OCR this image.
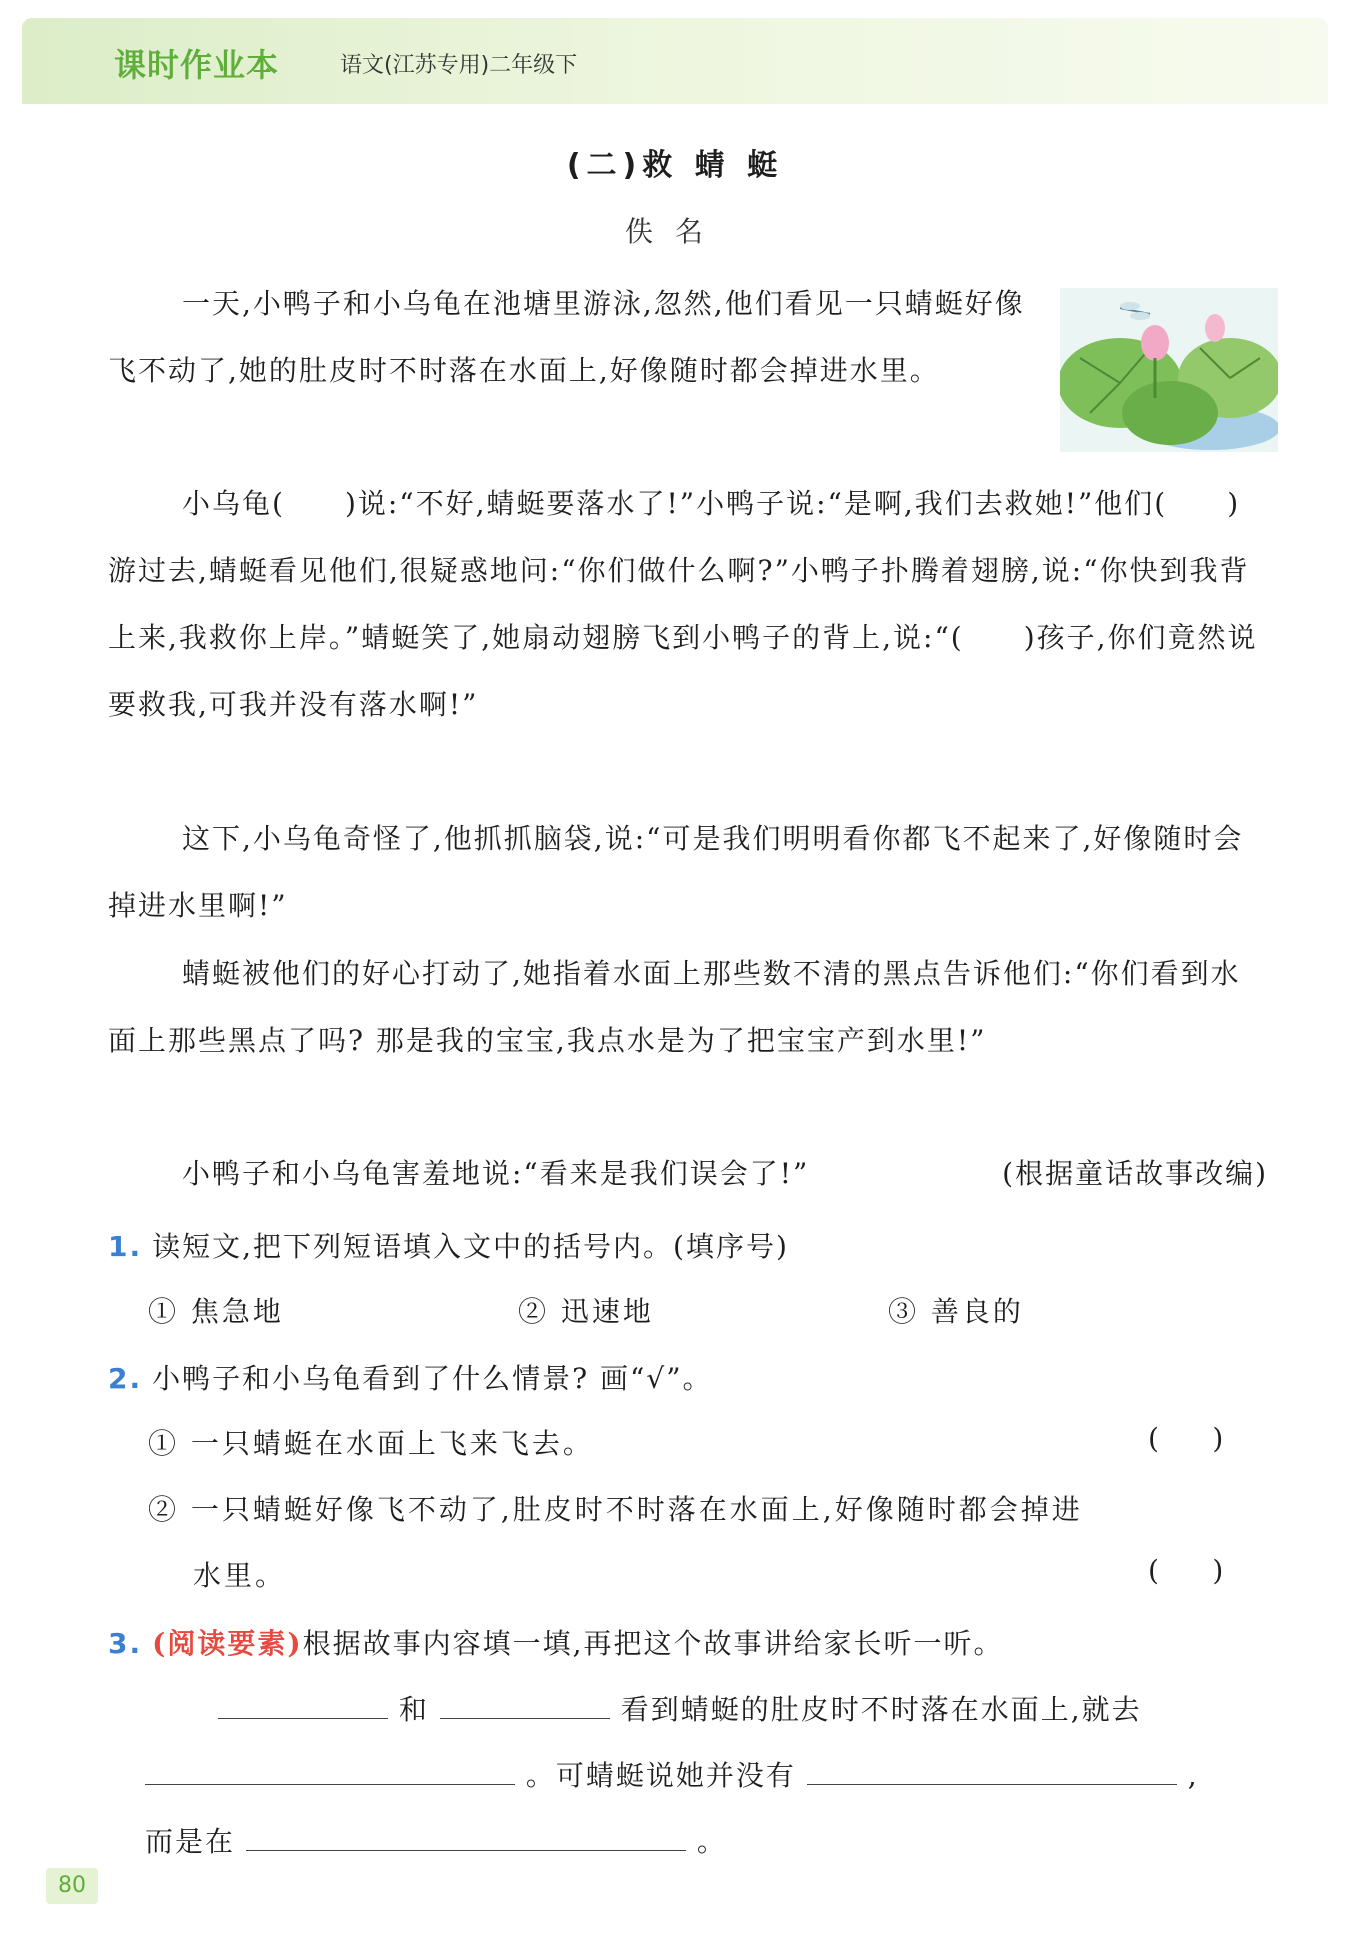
课时作业本	语文(江苏专用)二年级下
(二)救 蜻 蜓
佚名

一天,小鸭子和小乌龟在池塘里游泳,忽然,他们看见一只蜻蜓好像飞不动了,她的肚皮时不时落在水面上,好像随时都会掉进水里。

小乌龟( )说:“不好,蜻蜓要落水了!”小鸭子说:“是啊,我们去救她!”他们( )游过去,蜻蜓看见他们,很疑惑地问:“你们做什么啊?”小鸭子扑腾着翅膀,说:“你快到我背上来,我救你上岸。”蜻蜓笑了,她扇动翅膀飞到小鸭子的背上,说:“( )孩子,你们竟然说要救我,可我并没有落水啊!”

这下,小乌龟奇怪了,他抓抓脑袋,说:“可是我们明明看你都飞不起来了,好像随时会掉进水里啊!”

蜻蜓被他们的好心打动了,她指着水面上那些数不清的黑点告诉他们:“你们看到水面上那些黑点了吗? 那是我的宝宝,我点水是为了把宝宝产到水里!”

小鸭子和小乌龟害羞地说:“看来是我们误会了!”	(根据童话故事改编)

1. 读短文,把下列短语填入文中的括号内。(填序号)
① 焦急地	② 迅速地	③ 善良的
2. 小鸭子和小乌龟看到了什么情景? 画“√”。
① 一只蜻蜓在水面上飞来飞去。	(      )
② 一只蜻蜓好像飞不动了,肚皮时不时落在水面上,好像随时都会掉进
水里。	(      )
3. (阅读要素)根据故事内容填一填,再把这个故事讲给家长听一听。
和	看到蜻蜓的肚皮时不时落在水面上,就去
。可蜻蜓说她并没有	,
而是在	。
80
